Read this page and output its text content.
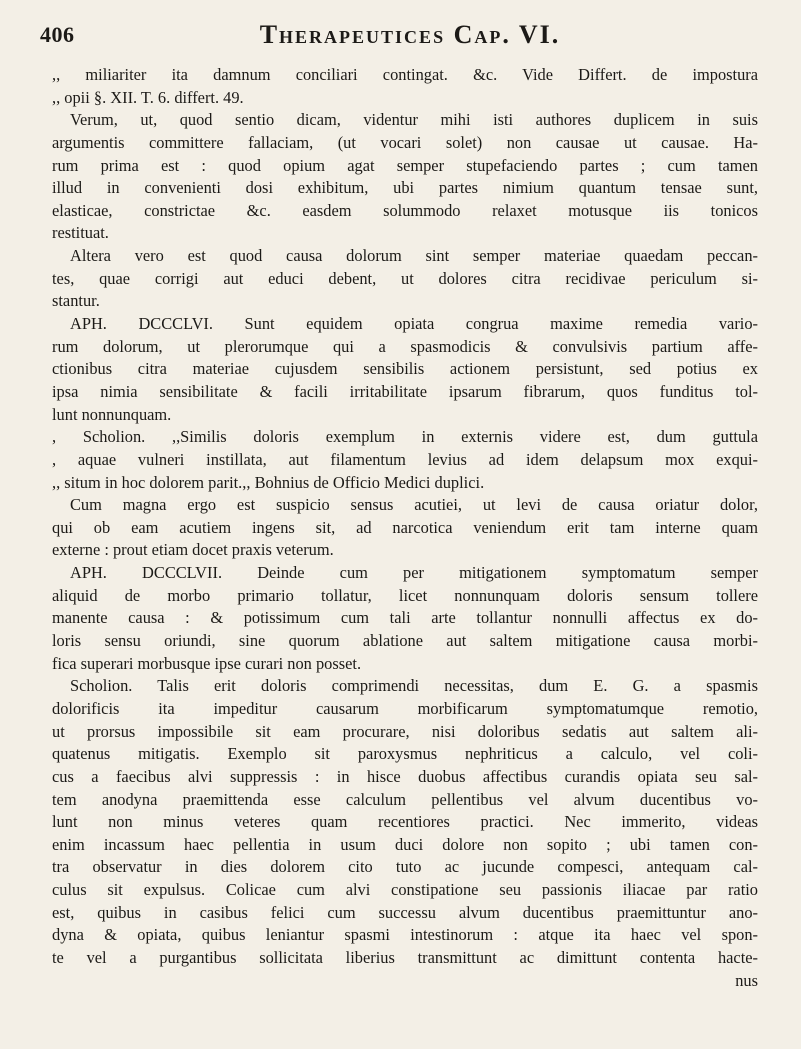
406	Therapeutices Cap. VI.
,, miliariter ita damnum conciliari contingat. &c. Vide Differt. de impostura
,, opii §. XII. T. 6. differt. 49.
Verum, ut, quod sentio dicam, videntur mihi isti authores duplicem in suis
argumentis committere fallaciam, (ut vocari solet) non causae ut causae. Ha-
rum prima est : quod opium agat semper stupefaciendo partes ; cum tamen
illud in convenienti dosi exhibitum, ubi partes nimium quantum tensae sunt,
elasticae, constrictae &c. easdem solummodo relaxet motusque iis tonicos
restituat.
Altera vero est quod causa dolorum sint semper materiae quaedam peccan-
tes, quae corrigi aut educi debent, ut dolores citra recidivae periculum si-
stantur.
APH. DCCCLVI. Sunt equidem opiata congrua maxime remedia vario-
rum dolorum, ut plerorumque qui a spasmodicis & convulsivis partium affe-
ctionibus citra materiae cujusdem sensibilis actionem persistunt, sed potius ex
ipsa nimia sensibilitate & facili irritabilitate ipsarum fibrarum, quos funditus tol-
lunt nonnunquam.
, Scholion. ,,Similis doloris exemplum in externis videre est, dum guttula
, aquae vulneri instillata, aut filamentum levius ad idem delapsum mox exqui-
,, situm in hoc dolorem parit.,, Bohnius de Officio Medici duplici.
Cum magna ergo est suspicio sensus acutiei, ut levi de causa oriatur dolor,
qui ob eam acutiem ingens sit, ad narcotica veniendum erit tam interne quam
externe : prout etiam docet praxis veterum.
APH. DCCCLVII. Deinde cum per mitigationem symptomatum semper
aliquid de morbo primario tollatur, licet nonnunquam doloris sensum tollere
manente causa : & potissimum cum tali arte tollantur nonnulli affectus ex do-
loris sensu oriundi, sine quorum ablatione aut saltem mitigatione causa morbi-
fica superari morbusque ipse curari non posset.
Scholion. Talis erit doloris comprimendi necessitas, dum E. G. a spasmis
dolorificis ita impeditur causarum morbificarum symptomatumque remotio,
ut prorsus impossibile sit eam procurare, nisi doloribus sedatis aut saltem ali-
quatenus mitigatis. Exemplo sit paroxysmus nephriticus a calculo, vel coli-
cus a faecibus alvi suppressis : in hisce duobus affectibus curandis opiata seu sal-
tem anodyna praemittenda esse calculum pellentibus vel alvum ducentibus vo-
lunt non minus veteres quam recentiores practici. Nec immerito, videas
enim incassum haec pellentia in usum duci dolore non sopito ; ubi tamen con-
tra observatur in dies dolorem cito tuto ac jucunde compesci, antequam cal-
culus sit expulsus. Colicae cum alvi constipatione seu passionis iliacae par ratio
est, quibus in casibus felici cum successu alvum ducentibus praemittuntur ano-
dyna & opiata, quibus leniantur spasmi intestinorum : atque ita haec vel spon-
te vel a purgantibus sollicitata liberius transmittunt ac dimittunt contenta hacte-
nus
